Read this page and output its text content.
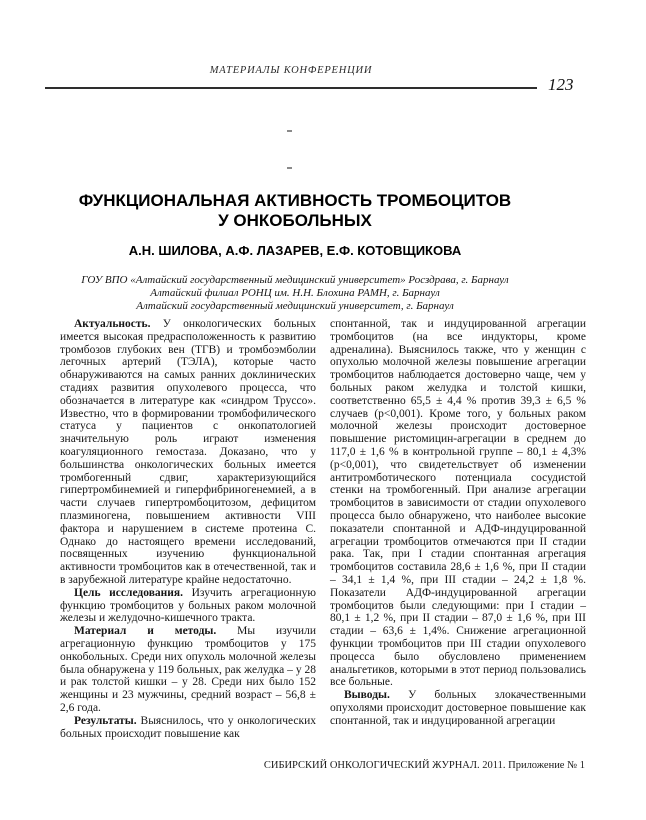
МАТЕРИАЛЫ КОНФЕРЕНЦИИ
123
ФУНКЦИОНАЛЬНАЯ АКТИВНОСТЬ ТРОМБОЦИТОВ
У ОНКОБОЛЬНЫХ
А.Н. ШИЛОВА, А.Ф. ЛАЗАРЕВ, Е.Ф. КОТОВЩИКОВА
ГОУ ВПО «Алтайский государственный медицинский университет» Росздрава, г. Барнаул
Алтайский филиал РОНЦ им. Н.Н. Блохина РАМН, г. Барнаул
Алтайский государственный медицинский университет, г. Барнаул

Актуальность. У онкологических больных имеется высокая предрасположенность к развитию тромбозов глубоких вен (ТГВ) и тромбоэмболии легочных артерий (ТЭЛА), которые часто обнаруживаются на самых ранних доклинических стадиях развития опухолевого процесса, что обозначается в литературе как «синдром Труссо». Известно, что в формировании тромбофилического статуса у пациентов с онкопатологией значительную роль играют изменения коагуляционного гемостаза. Доказано, что у большинства онкологических больных имеется тромбогенный сдвиг, характеризующийся гипертромбинемией и гиперфибриногенемией, а в части случаев гипертромбоцитозом, дефицитом плазминогена, повышением активности VIII фактора и нарушением в системе протеина С. Однако до настоящего времени исследований, посвященных изучению функциональной активности тромбоцитов как в отечественной, так и в зарубежной литературе крайне недостаточно.

Цель исследования. Изучить агрегационную функцию тромбоцитов у больных раком молочной железы и желудочно-кишечного тракта.

Материал и методы. Мы изучили агрегационную функцию тромбоцитов у 175 онкобольных. Среди них опухоль молочной железы была обнаружена у 119 больных, рак желудка – у 28 и рак толстой кишки – у 28. Среди них было 152 женщины и 23 мужчины, средний возраст – 56,8 ± 2,6 года.

Результаты. Выяснилось, что у онкологических больных происходит повышение как

спонтанной, так и индуцированной агрегации тромбоцитов (на все индукторы, кроме адреналина). Выяснилось также, что у женщин с опухолью молочной железы повышение агрегации тромбоцитов наблюдается достоверно чаще, чем у больных раком желудка и толстой кишки, соответственно 65,5 ± 4,4 % против 39,3 ± 6,5 % случаев (p<0,001). Кроме того, у больных раком молочной железы происходит достоверное повышение ристомицин-агрегации в среднем до 117,0 ± 1,6 % в контрольной группе – 80,1 ± 4,3% (p<0,001), что свидетельствует об изменении антитромботического потенциала сосудистой стенки на тромбогенный. При анализе агрегации тромбоцитов в зависимости от стадии опухолевого процесса было обнаружено, что наиболее высокие показатели спонтанной и АДФ-индуцированной агрегации тромбоцитов отмечаются при II стадии рака. Так, при I стадии спонтанная агрегация тромбоцитов составила 28,6 ± 1,6 %, при II стадии – 34,1 ± 1,4 %, при III стадии – 24,2 ± 1,8 %. Показатели АДФ-индуцированной агрегации тромбоцитов были следующими: при I стадии – 80,1 ± 1,2 %, при II стадии – 87,0 ± 1,6 %, при III стадии – 63,6 ± 1,4%. Снижение агрегационной функции тромбоцитов при III стадии опухолевого процесса было обусловлено применением анальгетиков, которыми в этот период пользовались все больные.

Выводы. У больных злокачественными опухолями происходит достоверное повышение как спонтанной, так и индуцированной агрегации

СИБИРСКИЙ ОНКОЛОГИЧЕСКИЙ ЖУРНАЛ. 2011. Приложение № 1
